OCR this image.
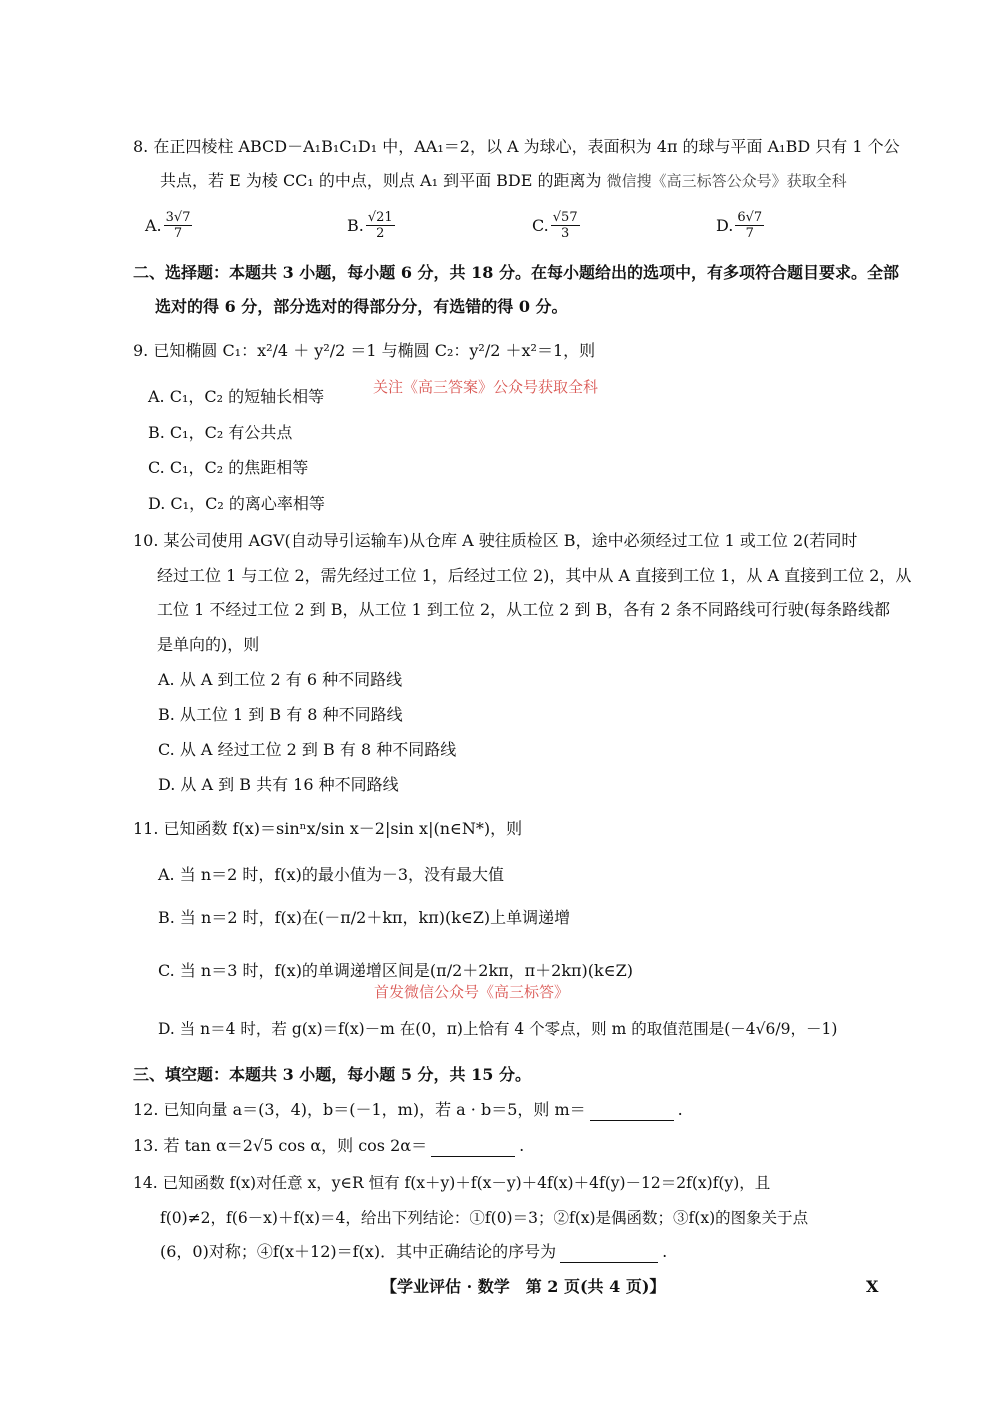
8. 在正四棱柱 ABCD－A₁B₁C₁D₁ 中，AA₁＝2，以 A 为球心，表面积为 4π 的球与平面 A₁BD 只有 1 个公
共点，若 E 为棱 CC₁ 的中点，则点 A₁ 到平面 BDE 的距离为 微信搜《高三标答公众号》获取全科
A. $\frac{3√7}{7}$	B. $\frac{√21}{2}$	C. $\frac{√57}{3}$	D. $\frac{6√7}{7}$
二、选择题：本题共 3 小题，每小题 6 分，共 18 分。在每小题给出的选项中，有多项符合题目要求。全部
选对的得 6 分，部分选对的得部分分，有选错的得 0 分。
9. 已知椭圆 C₁：x²/4 ＋ y²/2 ＝1 与椭圆 C₂：y²/2 ＋x²＝1，则
A. C₁，C₂ 的短轴长相等	关注《高三答案》公众号获取全科
B. C₁，C₂ 有公共点
C. C₁，C₂ 的焦距相等
D. C₁，C₂ 的离心率相等
10. 某公司使用 AGV(自动导引运输车)从仓库 A 驶往质检区 B，途中必须经过工位 1 或工位 2(若同时
经过工位 1 与工位 2，需先经过工位 1，后经过工位 2)，其中从 A 直接到工位 1，从 A 直接到工位 2，从
工位 1 不经过工位 2 到 B，从工位 1 到工位 2，从工位 2 到 B，各有 2 条不同路线可行驶(每条路线都
是单向的)，则
A. 从 A 到工位 2 有 6 种不同路线
B. 从工位 1 到 B 有 8 种不同路线
C. 从 A 经过工位 2 到 B 有 8 种不同路线
D. 从 A 到 B 共有 16 种不同路线
11. 已知函数 f(x)＝sinⁿx/sin x－2|sin x|(n∈N*)，则
A. 当 n＝2 时，f(x)的最小值为－3，没有最大值
B. 当 n＝2 时，f(x)在(－π/2＋kπ，kπ)(k∈Z)上单调递增
C. 当 n＝3 时，f(x)的单调递增区间是(π/2＋2kπ，π＋2kπ)(k∈Z)
首发微信公众号《高三标答》
D. 当 n＝4 时，若 g(x)＝f(x)－m 在(0，π)上恰有 4 个零点，则 m 的取值范围是(－4√6/9，－1)
三、填空题：本题共 3 小题，每小题 5 分，共 15 分。
12. 已知向量 a＝(3，4)，b＝(－1，m)，若 a · b＝5，则 m＝	.
13. 若 tan α＝2√5 cos α，则 cos 2α＝	.
14. 已知函数 f(x)对任意 x，y∈R 恒有 f(x＋y)＋f(x－y)＋4f(x)＋4f(y)－12＝2f(x)f(y)，且
f(0)≠2，f(6－x)＋f(x)＝4，给出下列结论：①f(0)＝3；②f(x)是偶函数；③f(x)的图象关于点
(6，0)对称；④f(x＋12)＝f(x)．其中正确结论的序号为	.
【学业评估 · 数学　第 2 页(共 4 页)】	X
